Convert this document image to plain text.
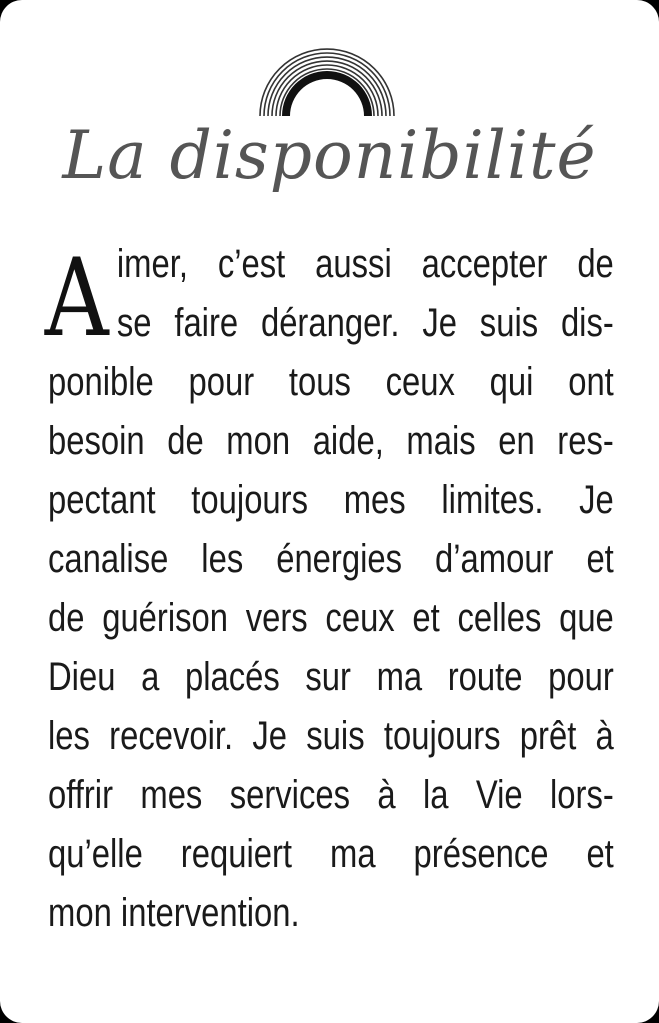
La disponibilité
A imer, c’est aussi accepter de
se faire déranger. Je suis dis-
ponible pour tous ceux qui ont
besoin de mon aide, mais en res-
pectant toujours mes limites. Je
canalise les énergies d’amour et
de guérison vers ceux et celles que
Dieu a placés sur ma route pour
les recevoir. Je suis toujours prêt à
offrir mes services à la Vie lors-
qu’elle requiert ma présence et
mon intervention.
